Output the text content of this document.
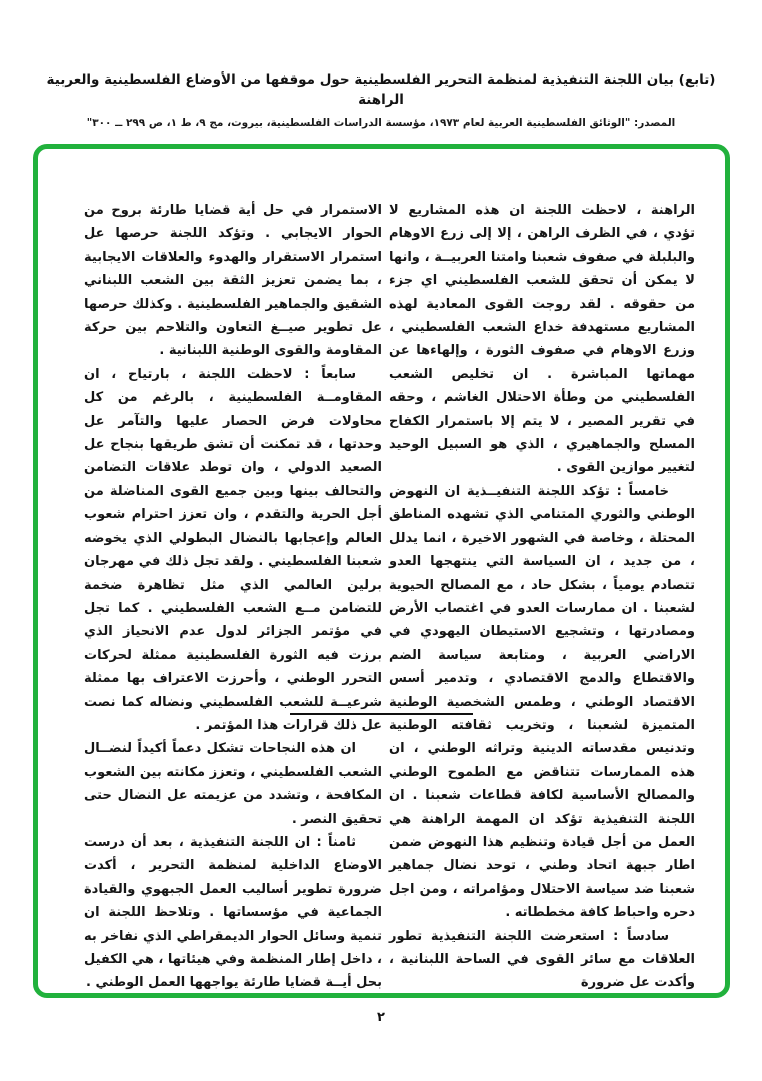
(تابع) بيان اللجنة التنفيذية لمنظمة التحرير الفلسطينية حول موقفها من الأوضاع الفلسطينية والعربية الراهنة
المصدر: "الوثائق الفلسطينية العربية لعام ١٩٧٣، مؤسسة الدراسات الفلسطينية، بيروت، مج ٩، ط ١، ص ٢٩٩ ــ ٣٠٠"

الراهنة ، لاحظت اللجنة ان هذه المشاريع لا تؤدي ، في الظرف الراهن ، إلا إلى زرع الاوهام والبلبلة في صفوف شعبنا وامتنا العربيــة ، وانها لا يمكن أن تحقق للشعب الفلسطيني اي جزء من حقوقه . لقد روجت القوى المعادية لهذه المشاريع مستهدفة خداع الشعب الفلسطيني ، وزرع الاوهام في صفوف الثورة ، وإلهاءها عن مهماتها المباشرة . ان تخليص الشعب الفلسطيني من وطأة الاحتلال الغاشم ، وحقه في تقرير المصير ، لا يتم إلا باستمرار الكفاح المسلح والجماهيري ، الذي هو السبيل الوحيد لتغيير موازين القوى .

خامساً : تؤكد اللجنة التنفيــذية ان النهوض الوطني والثوري المتنامي الذي تشهده المناطق المحتلة ، وخاصة في الشهور الاخيرة ، انما يدلل ، من جديد ، ان السياسة التي ينتهجها العدو تتصادم يومياً ، بشكل حاد ، مع المصالح الحيوية لشعبنا . ان ممارسات العدو في اغتصاب الأرض ومصادرتها ، وتشجيع الاستيطان اليهودي في الاراضي العربية ، ومتابعة سياسة الضم والاقتطاع والدمج الاقتصادي ، وتدمير أسس الاقتصاد الوطني ، وطمس الشخصية الوطنية المتميزة لشعبنا ، وتخريب ثقافته الوطنية وتدنيس مقدساته الدينية وتراثه الوطني ، ان هذه الممارسات تتناقض مع الطموح الوطني والمصالح الأساسية لكافة قطاعات شعبنا . ان اللجنة التنفيذية تؤكد ان المهمة الراهنة هي العمل من أجل قيادة وتنظيم هذا النهوض ضمن اطار جبهة اتحاد وطني ، توحد نضال جماهير شعبنا ضد سياسة الاحتلال ومؤامراته ، ومن اجل دحره واحباط كافة مخططاته .

سادساً : استعرضت اللجنة التنفيذية تطور العلاقات مع سائر القوى في الساحة اللبنانية ، وأكدت عل ضرورة

الاستمرار في حل أية قضايا طارئة بروح من الحوار الايجابي . وتؤكد اللجنة حرصها عل استمرار الاستقرار والهدوء والعلاقات الايجابية ، بما يضمن تعزيز الثقة بين الشعب اللبناني الشقيق والجماهير الفلسطينية . وكذلك حرصها عل تطوير صيــغ التعاون والتلاحم بين حركة المقاومة والقوى الوطنية اللبنانية .

سابعاً : لاحظت اللجنة ، بارتياح ، ان المقاومــة الفلسطينية ، بالرغم من كل محاولات فرض الحصار عليها والتآمر عل وحدتها ، قد تمكنت أن تشق طريقها بنجاح عل الصعيد الدولي ، وان توطد علاقات التضامن والتحالف بينها وبين جميع القوى المناضلة من أجل الحرية والتقدم ، وان تعزز احترام شعوب العالم وإعجابها بالنضال البطولي الذي يخوضه شعبنا الفلسطيني . ولقد تجل ذلك في مهرجان برلين العالمي الذي مثل تظاهرة ضخمة للتضامن مــع الشعب الفلسطيني . كما تجل في مؤتمر الجزائر لدول عدم الانحياز الذي برزت فيه الثورة الفلسطينية ممثلة لحركات التحرر الوطني ، وأحرزت الاعتراف بها ممثلة شرعيــة للشعب الفلسطيني ونضاله كما نصت عل ذلك قرارات هذا المؤتمر .

ان هذه النجاحات تشكل دعماً أكيداً لنضــال الشعب الفلسطيني ، وتعزز مكانته بين الشعوب المكافحة ، وتشدد من عزيمته عل النضال حتى تحقيق النصر .

ثامناً : ان اللجنة التنفيذية ، بعد أن درست الاوضاع الداخلية لمنظمة التحرير ، أكدت ضرورة تطوير أساليب العمل الجبهوي والقيادة الجماعية في مؤسساتها . وتلاحظ اللجنة ان تنمية وسائل الحوار الديمقراطي الذي نفاخر به ، داخل إطار المنظمة وفي هيئاتها ، هي الكفيل بحل أيــة قضايا طارئة يواجهها العمل الوطني .

٢
